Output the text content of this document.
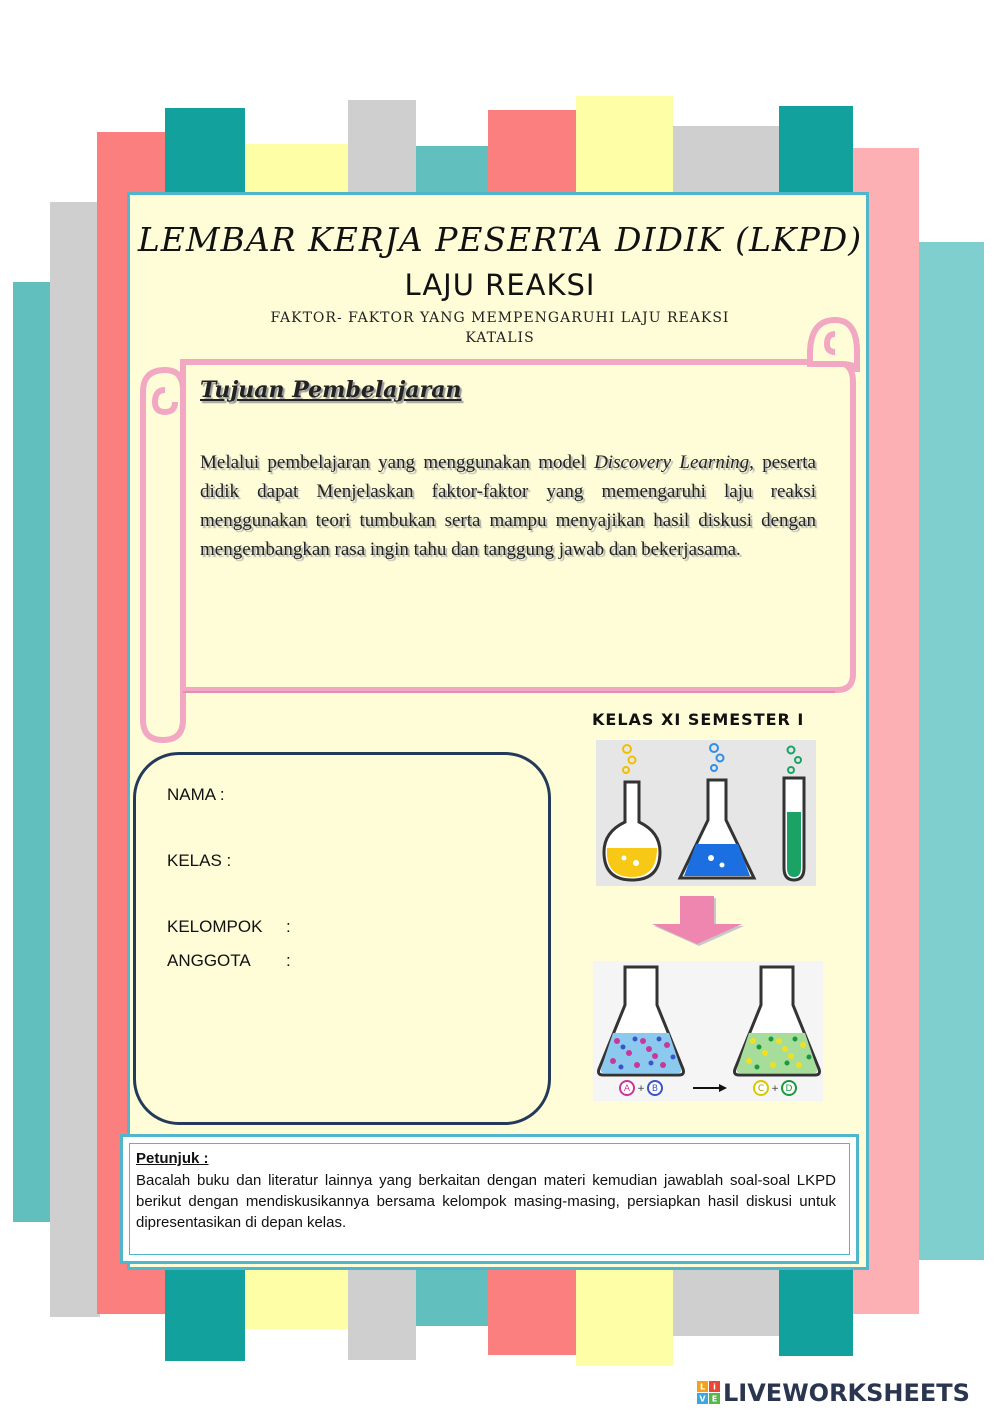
LEMBAR KERJA PESERTA DIDIK (LKPD)
LAJU REAKSI
FAKTOR- FAKTOR YANG MEMPENGARUHI LAJU REAKSI
KATALIS
Tujuan Pembelajaran
Melalui pembelajaran yang menggunakan model Discovery Learning, peserta didik dapat Menjelaskan faktor-faktor yang memengaruhi laju reaksi menggunakan teori tumbukan serta mampu menyajikan hasil diskusi dengan mengembangkan rasa ingin tahu dan tanggung jawab dan bekerjasama.
NAMA :
KELAS :
KELOMPOK :
ANGGOTA :
KELAS XI SEMESTER I
A + B	C + D
Petunjuk :
Bacalah buku dan literatur lainnya yang berkaitan dengan materi kemudian jawablah soal-soal LKPD berikut dengan mendiskusikannya bersama kelompok masing-masing, persiapkan hasil diskusi untuk dipresentasikan di depan kelas.
L i
V E LIVEWORKSHEETS
